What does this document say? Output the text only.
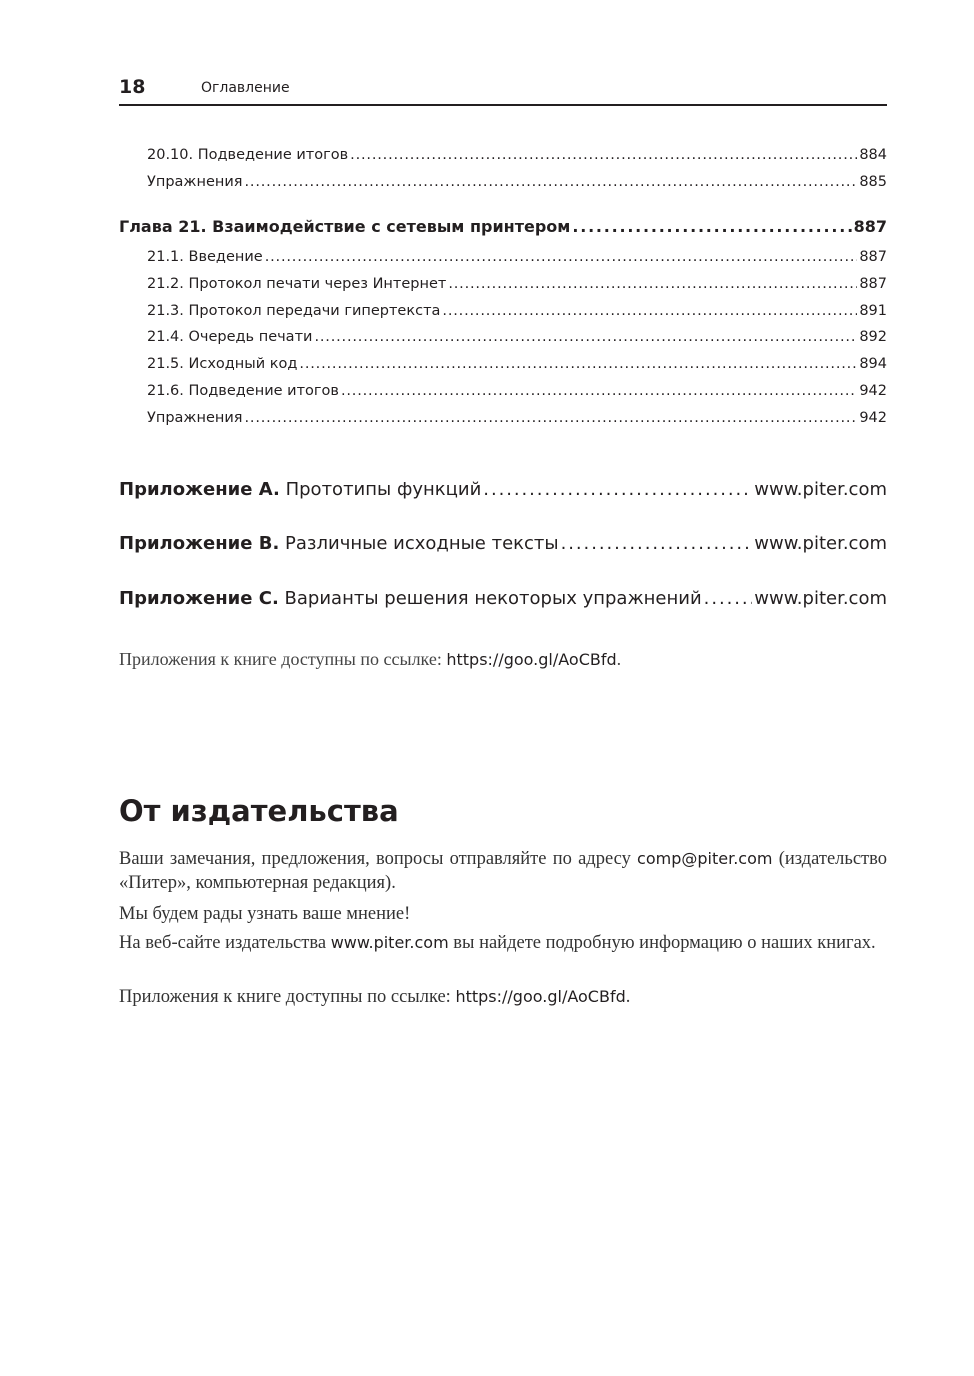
18	Оглавление
20.10. Подведение итогов . . .	884
Упражнения . . .	885
Глава 21. Взаимодействие с сетевым принтером . . .	887
21.1. Введение . . .	887
21.2. Протокол печати через Интернет . . .	887
21.3. Протокол передачи гипертекста . . .	891
21.4. Очередь печати . . .	892
21.5. Исходный код . . .	894
21.6. Подведение итогов . . .	942
Упражнения . . .	942
Приложение A. Прототипы функций . . .	www.piter.com
Приложение B. Различные исходные тексты . . .	www.piter.com
Приложение C. Варианты решения некоторых упражнений . . .	www.piter.com
Приложения к книге доступны по ссылке: https://goo.gl/AoCBfd.
От издательства
Ваши замечания, предложения, вопросы отправляйте по адресу comp@piter.com (издательство «Питер», компьютерная редакция).
Мы будем рады узнать ваше мнение!
На веб-сайте издательства www.piter.com вы найдете подробную информацию о наших книгах.
Приложения к книге доступны по ссылке: https://goo.gl/AoCBfd.
